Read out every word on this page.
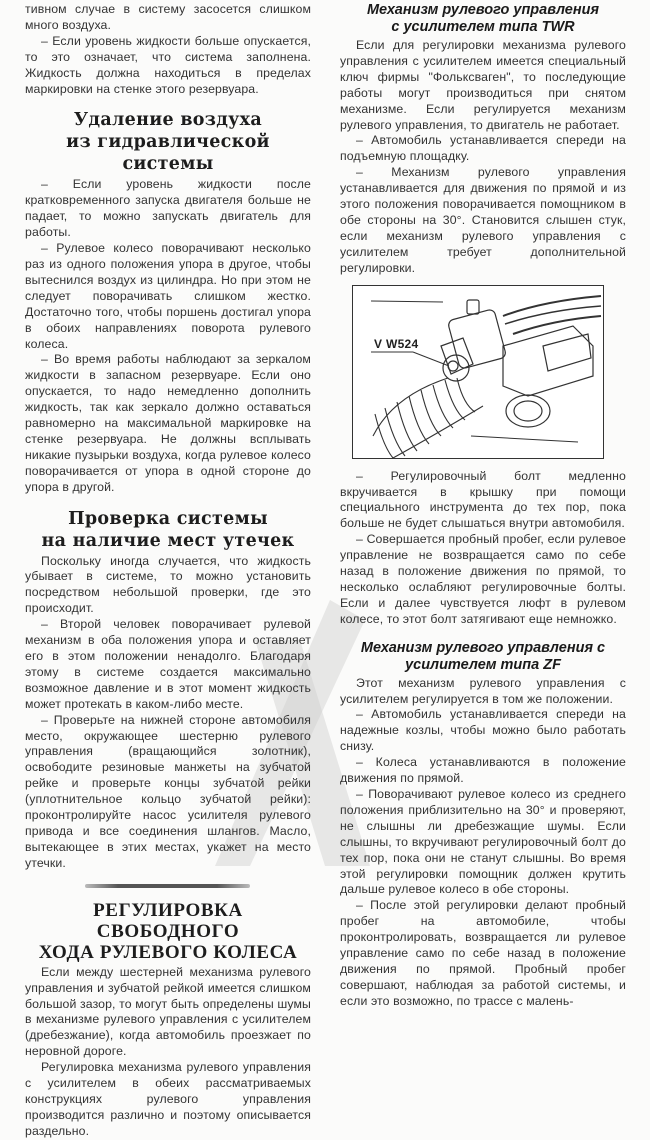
тивном случае в систему засосется слишком много воздуха.

– Если уровень жидкости больше опускается, то это означает, что система заполнена. Жидкость должна находиться в пределах маркировки на стенке этого резервуара.

Удаление воздуха
из гидравлической системы

– Если уровень жидкости после кратковременного запуска двигателя больше не падает, то можно запускать двигатель для работы.

– Рулевое колесо поворачивают несколько раз из одного положения упора в другое, чтобы вытеснился воздух из цилиндра. Но при этом не следует поворачивать слишком жестко. Достаточно того, чтобы поршень достигал упора в обоих направлениях поворота рулевого колеса.

– Во время работы наблюдают за зеркалом жидкости в запасном резервуаре. Если оно опускается, то надо немедленно дополнить жидкость, так как зеркало должно оставаться равномерно на максимальной маркировке на стенке резервуара. Не должны всплывать никакие пузырьки воздуха, когда рулевое колесо поворачивается от упора в одной стороне до упора в другой.

Проверка системы
на наличие мест утечек

Поскольку иногда случается, что жидкость убывает в системе, то можно установить посредством небольшой проверки, где это происходит.

– Второй человек поворачивает рулевой механизм в оба положения упора и оставляет его в этом положении ненадолго. Благодаря этому в системе создается максимально возможное давление и в этот момент жидкость может протекать в каком-либо месте.

– Проверьте на нижней стороне автомобиля место, окружающее шестерню рулевого управления (вращающийся золотник), освободите резиновые манжеты на зубчатой рейке и проверьте концы зубчатой рейки (уплотнительное кольцо зубчатой рейки): проконтролируйте насос усилителя рулевого привода и все соединения шлангов. Масло, вытекающее в этих местах, укажет на место утечки.

РЕГУЛИРОВКА СВОБОДНОГО
ХОДА РУЛЕВОГО КОЛЕСА

Если между шестерней механизма рулевого управления и зубчатой рейкой имеется слишком большой зазор, то могут быть определены шумы в механизме рулевого управления с усилителем (дребезжание), когда автомобиль проезжает по неровной дороге.

Регулировка механизма рулевого управления с усилителем в обеих рассматриваемых конструкциях рулевого управления производится различно и поэтому описывается раздельно.

Механизм рулевого управления
с усилителем типа TWR

Если для регулировки механизма рулевого управления с усилителем имеется специальный ключ фирмы "Фольксваген", то последующие работы могут производиться при снятом механизме. Если регулируется механизм рулевого управления, то двигатель не работает.

– Автомобиль устанавливается спереди на подъемную площадку.

– Механизм рулевого управления устанавливается для движения по прямой и из этого положения поворачивается помощником в обе стороны на 30°. Становится слышен стук, если механизм рулевого управления с усилителем требует дополнительной регулировки.

V W524

– Регулировочный болт медленно вкручивается в крышку при помощи специального инструмента до тех пор, пока больше не будет слышаться внутри автомобиля.

– Совершается пробный пробег, если рулевое управление не возвращается само по себе назад в положение движения по прямой, то несколько ослабляют регулировочные болты. Если и далее чувствуется люфт в рулевом колесе, то этот болт затягивают еще немножко.

Механизм рулевого управления с
усилителем типа ZF

Этот механизм рулевого управления с усилителем регулируется в том же положении.

– Автомобиль устанавливается спереди на надежные козлы, чтобы можно было работать снизу.

– Колеса устанавливаются в положение движения по прямой.

– Поворачивают рулевое колесо из среднего положения приблизительно на 30° и проверяют, не слышны ли дребезжащие шумы. Если слышны, то вкручивают регулировочный болт до тех пор, пока они не станут слышны. Во время этой регулировки помощник должен крутить дальше рулевое колесо в обе стороны.

– После этой регулировки делают пробный пробег на автомобиле, чтобы проконтролировать, возвращается ли рулевое управление само по себе назад в положение движения по прямой. Пробный пробег совершают, наблюдая за работой системы, и если это возможно, по трассе с малень-
